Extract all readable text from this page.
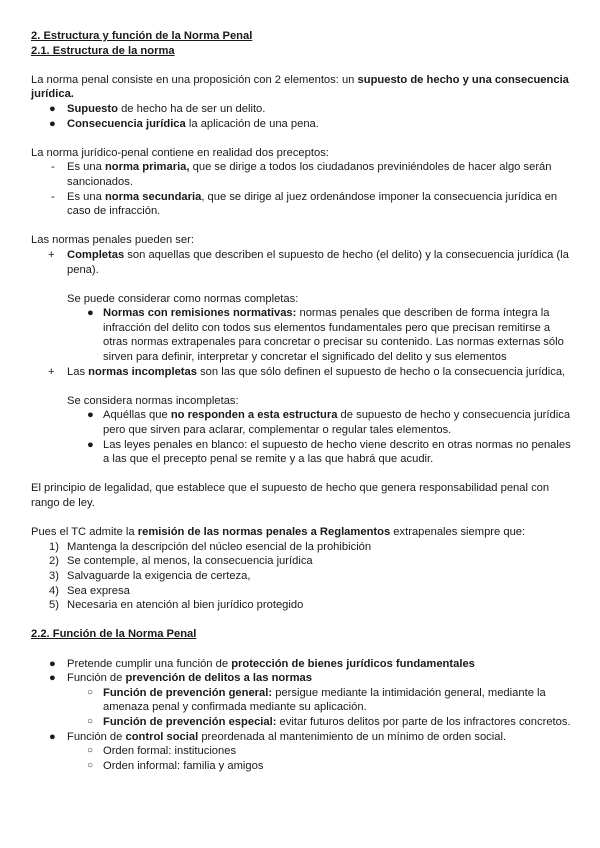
2. Estructura y función de la Norma Penal

2.1. Estructura de la norma

La norma penal consiste en una proposición con 2 elementos: un supuesto de hecho y una consecuencia jurídica.

● Supuesto de hecho ha de ser un delito.
● Consecuencia jurídica la aplicación de una pena.

La norma jurídico-penal contiene en realidad dos preceptos:

- Es una norma primaria, que se dirige a todos los ciudadanos previniéndoles de hacer algo serán sancionados.
- Es una norma secundaria, que se dirige al juez ordenándose imponer la consecuencia jurídica en caso de infracción.

Las normas penales pueden ser:

+ Completas son aquellas que describen el supuesto de hecho (el delito) y la consecuencia jurídica (la pena).

Se puede considerar como normas completas:

● Normas con remisiones normativas: normas penales que describen de forma íntegra la infracción del delito con todos sus elementos fundamentales pero que precisan remitirse a otras normas extrapenales para concretar o precisar su contenido. Las normas externas sólo sirven para definir, interpretar y concretar el significado del delito y sus elementos
+ Las normas incompletas son las que sólo definen el supuesto de hecho o la consecuencia jurídica,

Se considera normas incompletas:

● Aquéllas que no responden a esta estructura de supuesto de hecho y consecuencia jurídica pero que sirven para aclarar, complementar o regular tales elementos.
● Las leyes penales en blanco: el supuesto de hecho viene descrito en otras normas no penales a las que el precepto penal se remite y a las que habrá que acudir.

El principio de legalidad, que establece que el supuesto de hecho que genera responsabilidad penal con rango de ley.

Pues el TC admite la remisión de las normas penales a Reglamentos extrapenales siempre que:

1) Mantenga la descripción del núcleo esencial de la prohibición
2) Se contemple, al menos, la consecuencia jurídica
3) Salvaguarde la exigencia de certeza,
4) Sea expresa
5) Necesaria en atención al bien jurídico protegido

2.2. Función de la Norma Penal

● Pretende cumplir una función de protección de bienes jurídicos fundamentales
● Función de prevención de delitos a las normas
○ Función de prevención general: persigue mediante la intimidación general, mediante la amenaza penal y confirmada mediante su aplicación.
○ Función de prevención especial: evitar futuros delitos por parte de los infractores concretos.
● Función de control social preordenada al mantenimiento de un mínimo de orden social.
○ Orden formal: instituciones
○ Orden informal: familia y amigos
